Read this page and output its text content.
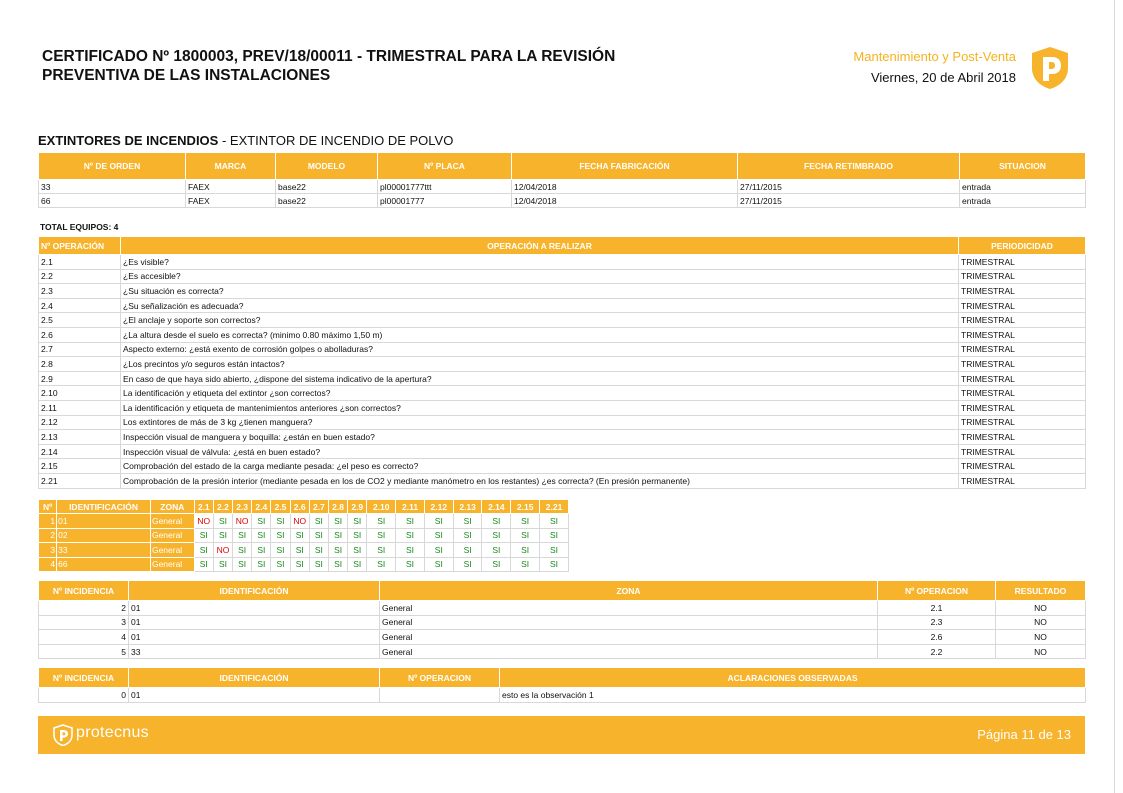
CERTIFICADO Nº 1800003, PREV/18/00011 - TRIMESTRAL PARA LA REVISIÓN
PREVENTIVA DE LAS INSTALACIONES
Mantenimiento y Post-Venta
Viernes, 20 de Abril 2018
EXTINTORES DE INCENDIOS - EXTINTOR DE INCENDIO DE POLVO
Nº DE ORDEN	MARCA	MODELO	Nº PLACA	FECHA FABRICACIÓN	FECHA RETIMBRADO	SITUACION
33	FAEX	base22	pl00001777ttt	12/04/2018	27/11/2015	entrada
66	FAEX	base22	pl00001777	12/04/2018	27/11/2015	entrada
TOTAL EQUIPOS: 4
Nº OPERACIÓN	OPERACIÓN A REALIZAR	PERIODICIDAD
2.1	¿Es visible?	TRIMESTRAL
2.2	¿Es accesible?	TRIMESTRAL
2.3	¿Su situación es correcta?	TRIMESTRAL
2.4	¿Su señalización es adecuada?	TRIMESTRAL
2.5	¿El anclaje y soporte son correctos?	TRIMESTRAL
2.6	¿La altura desde el suelo es correcta? (minimo 0.80 máximo 1,50 m)	TRIMESTRAL
2.7	Aspecto externo: ¿está exento de corrosión golpes o abolladuras?	TRIMESTRAL
2.8	¿Los precintos y/o seguros están intactos?	TRIMESTRAL
2.9	En caso de que haya sido abierto, ¿dispone del sistema indicativo de la apertura?	TRIMESTRAL
2.10	La identificación y etiqueta del extintor ¿son correctos?	TRIMESTRAL
2.11	La identificación y etiqueta de mantenimientos anteriores ¿son correctos?	TRIMESTRAL
2.12	Los extintores de más de 3 kg ¿tienen manguera?	TRIMESTRAL
2.13	Inspección visual de manguera y boquilla: ¿están en buen estado?	TRIMESTRAL
2.14	Inspección visual de válvula: ¿está en buen estado?	TRIMESTRAL
2.15	Comprobación del estado de la carga mediante pesada: ¿el peso es correcto?	TRIMESTRAL
2.21	Comprobación de la presión interior (mediante pesada en los de CO2 y mediante manómetro en los restantes) ¿es correcta? (En presión permanente)	TRIMESTRAL
Nº	IDENTIFICACIÓN	ZONA	2.1	2.2	2.3	2.4	2.5	2.6	2.7	2.8	2.9	2.10	2.11	2.12	2.13	2.14	2.15	2.21
1	01	General	NO	SI	NO	SI	SI	NO	SI	SI	SI	SI	SI	SI	SI	SI	SI	SI
2	02	General	SI	SI	SI	SI	SI	SI	SI	SI	SI	SI	SI	SI	SI	SI	SI	SI
3	33	General	SI	NO	SI	SI	SI	SI	SI	SI	SI	SI	SI	SI	SI	SI	SI	SI
4	66	General	SI	SI	SI	SI	SI	SI	SI	SI	SI	SI	SI	SI	SI	SI	SI	SI
Nº INCIDENCIA	IDENTIFICACIÓN	ZONA	Nº OPERACION	RESULTADO
2	01	General	2.1	NO
3	01	General	2.3	NO
4	01	General	2.6	NO
5	33	General	2.2	NO
Nº INCIDENCIA	IDENTIFICACIÓN	Nº OPERACION	ACLARACIONES OBSERVADAS
0	01		esto es la observación 1
protecnus	Página 11 de 13
